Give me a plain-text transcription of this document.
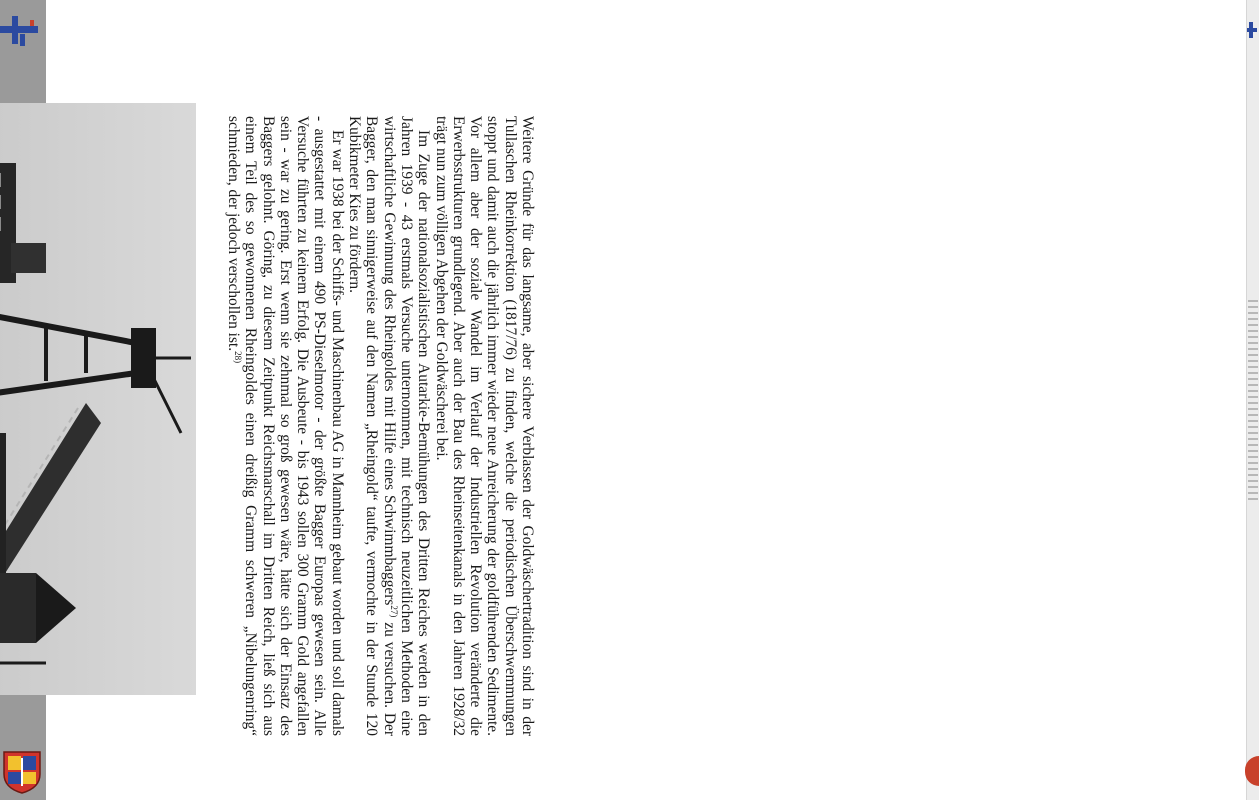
Weitere Gründe für das langsame, aber sichere Verblassen der Goldwäschertradition sind in der Tullaschen Rheinkorrektion (1817/76) zu finden, welche die periodischen Überschwemmungen stoppt und damit auch die jährlich immer wieder neue Anreicherung der goldführenden Sedimente. Vor allem aber der soziale Wandel im Verlauf der Industriellen Revolution veränderte die Erwerbsstrukturen grundlegend. Aber auch der Bau des Rheinseitenkanals in den Jahren 1928/32 trägt nun zum völligen Abgehen der Goldwäscherei bei.

Im Zuge der nationalsozialistischen Autarkie-Bemühungen des Dritten Reiches werden in den Jahren 1939 - 43 erstmals Versuche unternommen, mit technisch neuzeitlichen Methoden eine wirtschaftliche Gewinnung des Rheingoldes mit Hilfe eines Schwimmbaggers$^{27)}$ zu versuchen. Der Bagger, den man sinnigerweise auf den Namen „Rheingold“ taufte, vermochte in der Stunde 120 Kubikmeter Kies zu fördern.

Er war 1938 bei der Schiffs- und Maschinenbau AG in Mannheim gebaut worden und soll damals - ausgestattet mit einem 490 PS-Dieselmotor - der größte Bagger Europas gewesen sein. Alle Versuche führten zu keinem Erfolg. Die Ausbeute - bis 1943 sollen 300 Gramm Gold angefallen sein - war zu gering. Erst wenn sie zehnmal so groß gewesen wäre, hätte sich der Einsatz des Baggers gelohnt. Göring, zu diesem Zeitpunkt Reichsmarschall im Dritten Reich, ließ sich aus einem Teil des so gewonnenen Rheingoldes einen dreißig Gramm schweren „Nibelungenring“ schmieden, der jedoch verschollen ist.$^{28)}$
